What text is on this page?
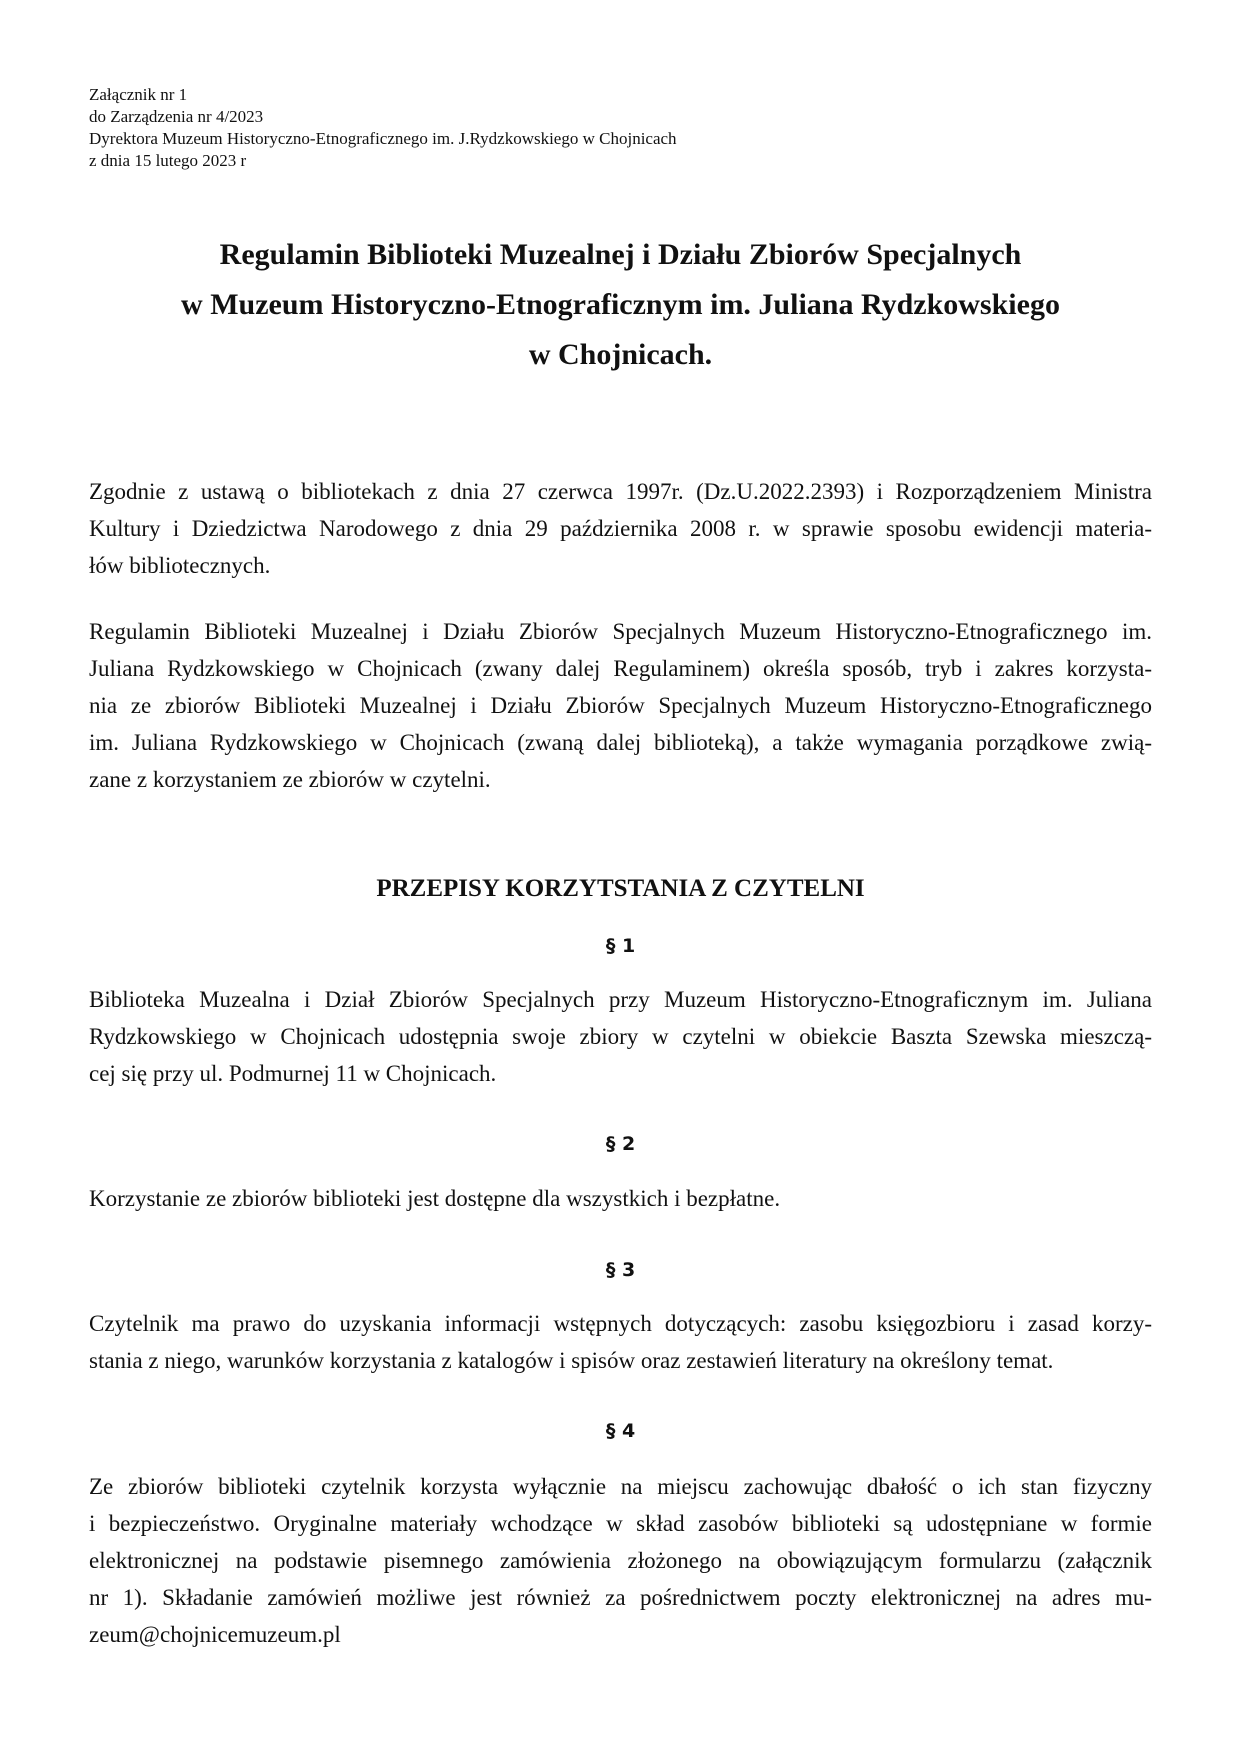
Załącznik nr 1
do Zarządzenia nr 4/2023
Dyrektora Muzeum Historyczno-Etnograficznego im. J.Rydzkowskiego w Chojnicach
z dnia 15 lutego 2023 r
Regulamin Biblioteki Muzealnej i Działu Zbiorów Specjalnych
w Muzeum Historyczno-Etnograficznym im. Juliana Rydzkowskiego
w Chojnicach.
Zgodnie z ustawą o bibliotekach z dnia 27 czerwca 1997r. (Dz.U.2022.2393) i Rozporządzeniem Ministra
Kultury i Dziedzictwa Narodowego z dnia 29 października 2008 r. w sprawie sposobu ewidencji materia-
łów bibliotecznych.
Regulamin Biblioteki Muzealnej i Działu Zbiorów Specjalnych Muzeum Historyczno-Etnograficznego im.
Juliana Rydzkowskiego w Chojnicach (zwany dalej Regulaminem) określa sposób, tryb i zakres korzysta-
nia ze zbiorów Biblioteki Muzealnej i Działu Zbiorów Specjalnych Muzeum Historyczno-Etnograficznego
im. Juliana Rydzkowskiego w Chojnicach (zwaną dalej biblioteką), a także wymagania porządkowe zwią-
zane z korzystaniem ze zbiorów w czytelni.
PRZEPISY KORZYTSTANIA Z CZYTELNI
§ 1
Biblioteka Muzealna i Dział Zbiorów Specjalnych przy Muzeum Historyczno-Etnograficznym im. Juliana
Rydzkowskiego w Chojnicach udostępnia swoje zbiory w czytelni w obiekcie Baszta Szewska mieszczą-
cej się przy ul. Podmurnej 11 w Chojnicach.
§ 2
Korzystanie ze zbiorów biblioteki jest dostępne dla wszystkich i bezpłatne.
§ 3
Czytelnik ma prawo do uzyskania informacji wstępnych dotyczących: zasobu księgozbioru i zasad korzy-
stania z niego, warunków korzystania z katalogów i spisów oraz zestawień literatury na określony temat.
§ 4
Ze zbiorów biblioteki czytelnik korzysta wyłącznie na miejscu zachowując dbałość o ich stan fizyczny
i bezpieczeństwo. Oryginalne materiały wchodzące w skład zasobów biblioteki są udostępniane w formie
elektronicznej na podstawie pisemnego zamówienia złożonego na obowiązującym formularzu (załącznik
nr 1). Składanie zamówień możliwe jest również za pośrednictwem poczty elektronicznej na adres mu-
zeum@chojnicemuzeum.pl
